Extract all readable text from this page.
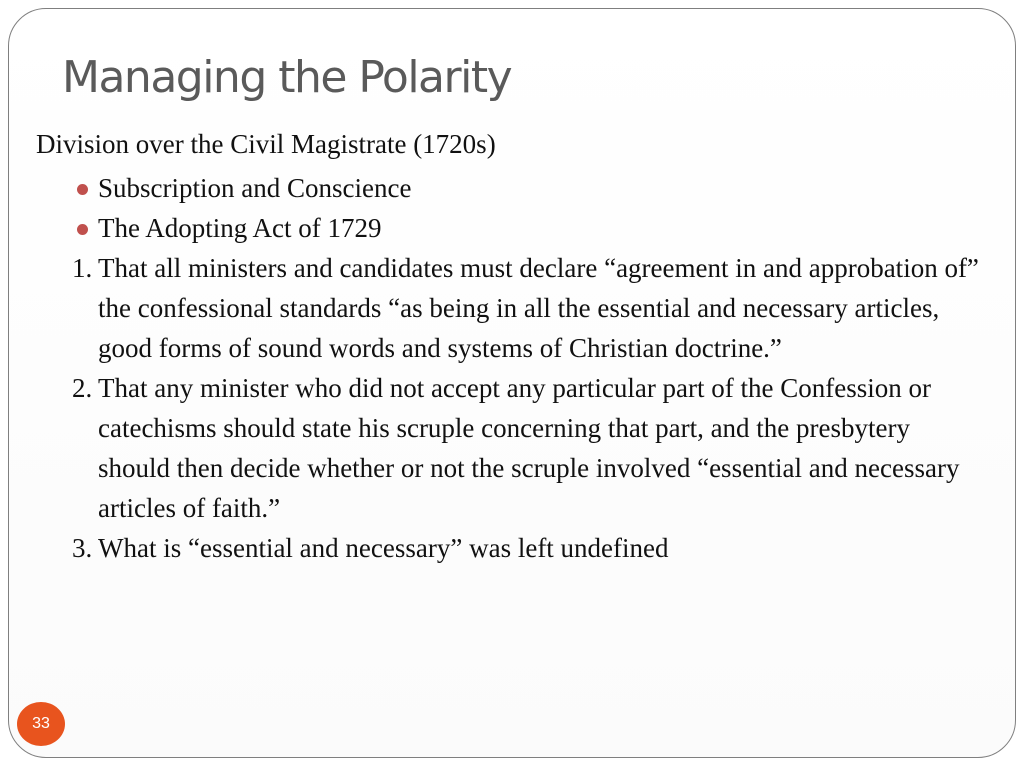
Managing the Polarity

Division over the Civil Magistrate (1720s)

Subscription and Conscience
The Adopting Act of 1729
1. That all ministers and candidates must declare “agreement in and approbation of” the confessional standards “as being in all the essential and necessary articles, good forms of sound words and systems of Christian doctrine.”
2. That any minister who did not accept any particular part of the Confession or catechisms should state his scruple concerning that part, and the presbytery should then decide whether or not the scruple involved “essential and necessary articles of faith.”
3. What is “essential and necessary” was left undefined
33
